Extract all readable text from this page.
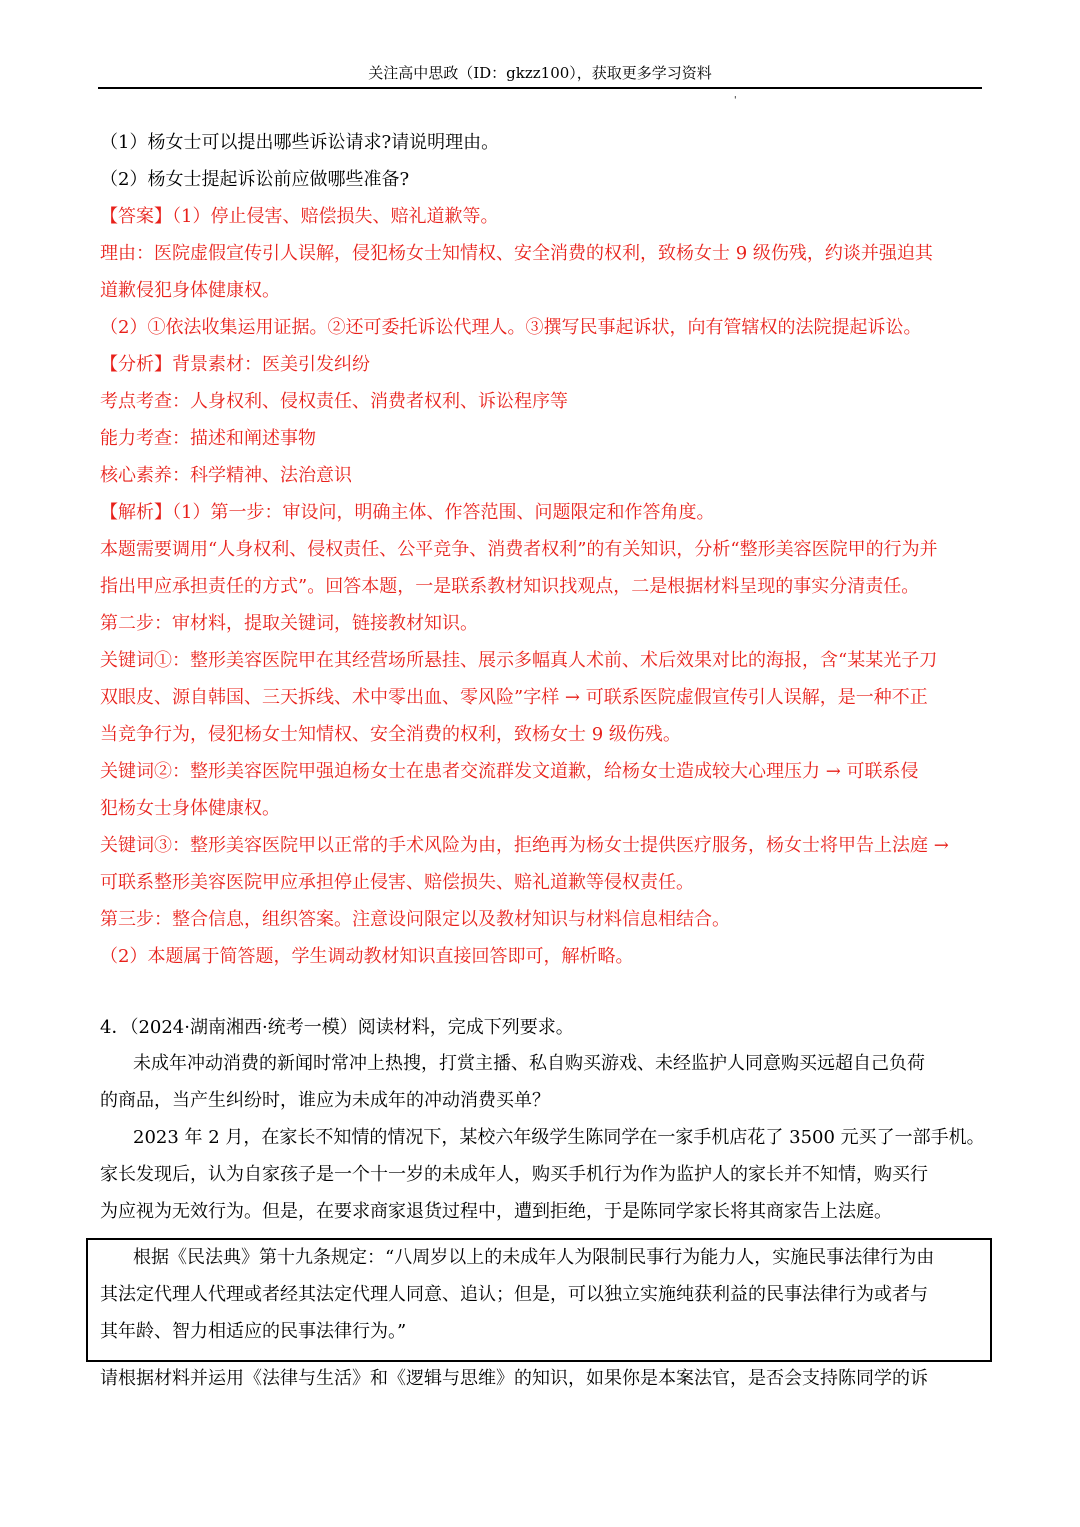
关注高中思政（ID：gkzz100），获取更多学习资料
'
（1）杨女士可以提出哪些诉讼请求?请说明理由。
（2）杨女士提起诉讼前应做哪些准备?
【答案】（1）停止侵害、赔偿损失、赔礼道歉等。
理由：医院虚假宣传引人误解，侵犯杨女士知情权、安全消费的权利，致杨女士 9 级伤残，约谈并强迫其
道歉侵犯身体健康权。
（2）①依法收集运用证据。②还可委托诉讼代理人。③撰写民事起诉状，向有管辖权的法院提起诉讼。
【分析】背景素材：医美引发纠纷
考点考查：人身权利、侵权责任、消费者权利、诉讼程序等
能力考查：描述和阐述事物
核心素养：科学精神、法治意识
【解析】（1）第一步：审设问，明确主体、作答范围、问题限定和作答角度。
本题需要调用“人身权利、侵权责任、公平竞争、消费者权利”的有关知识，分析“整形美容医院甲的行为并
指出甲应承担责任的方式”。回答本题，一是联系教材知识找观点，二是根据材料呈现的事实分清责任。
第二步：审材料，提取关键词，链接教材知识。
关键词①：整形美容医院甲在其经营场所悬挂、展示多幅真人术前、术后效果对比的海报，含“某某光子刀
双眼皮、源自韩国、三天拆线、术中零出血、零风险”字样 → 可联系医院虚假宣传引人误解，是一种不正
当竞争行为，侵犯杨女士知情权、安全消费的权利，致杨女士 9 级伤残。
关键词②：整形美容医院甲强迫杨女士在患者交流群发文道歉，给杨女士造成较大心理压力 → 可联系侵
犯杨女士身体健康权。
关键词③：整形美容医院甲以正常的手术风险为由，拒绝再为杨女士提供医疗服务，杨女士将甲告上法庭 →
可联系整形美容医院甲应承担停止侵害、赔偿损失、赔礼道歉等侵权责任。
第三步：整合信息，组织答案。注意设问限定以及教材知识与材料信息相结合。
（2）本题属于简答题，学生调动教材知识直接回答即可，解析略。
4．（2024·湖南湘西·统考一模）阅读材料，完成下列要求。
未成年冲动消费的新闻时常冲上热搜，打赏主播、私自购买游戏、未经监护人同意购买远超自己负荷
的商品，当产生纠纷时，谁应为未成年的冲动消费买单？
2023 年 2 月，在家长不知情的情况下，某校六年级学生陈同学在一家手机店花了 3500 元买了一部手机。
家长发现后，认为自家孩子是一个十一岁的未成年人，购买手机行为作为监护人的家长并不知情，购买行
为应视为无效行为。但是，在要求商家退货过程中，遭到拒绝，于是陈同学家长将其商家告上法庭。
根据《民法典》第十九条规定：“八周岁以上的未成年人为限制民事行为能力人，实施民事法律行为由
其法定代理人代理或者经其法定代理人同意、追认；但是，可以独立实施纯获利益的民事法律行为或者与
其年龄、智力相适应的民事法律行为。”
请根据材料并运用《法律与生活》和《逻辑与思维》的知识，如果你是本案法官，是否会支持陈同学的诉
